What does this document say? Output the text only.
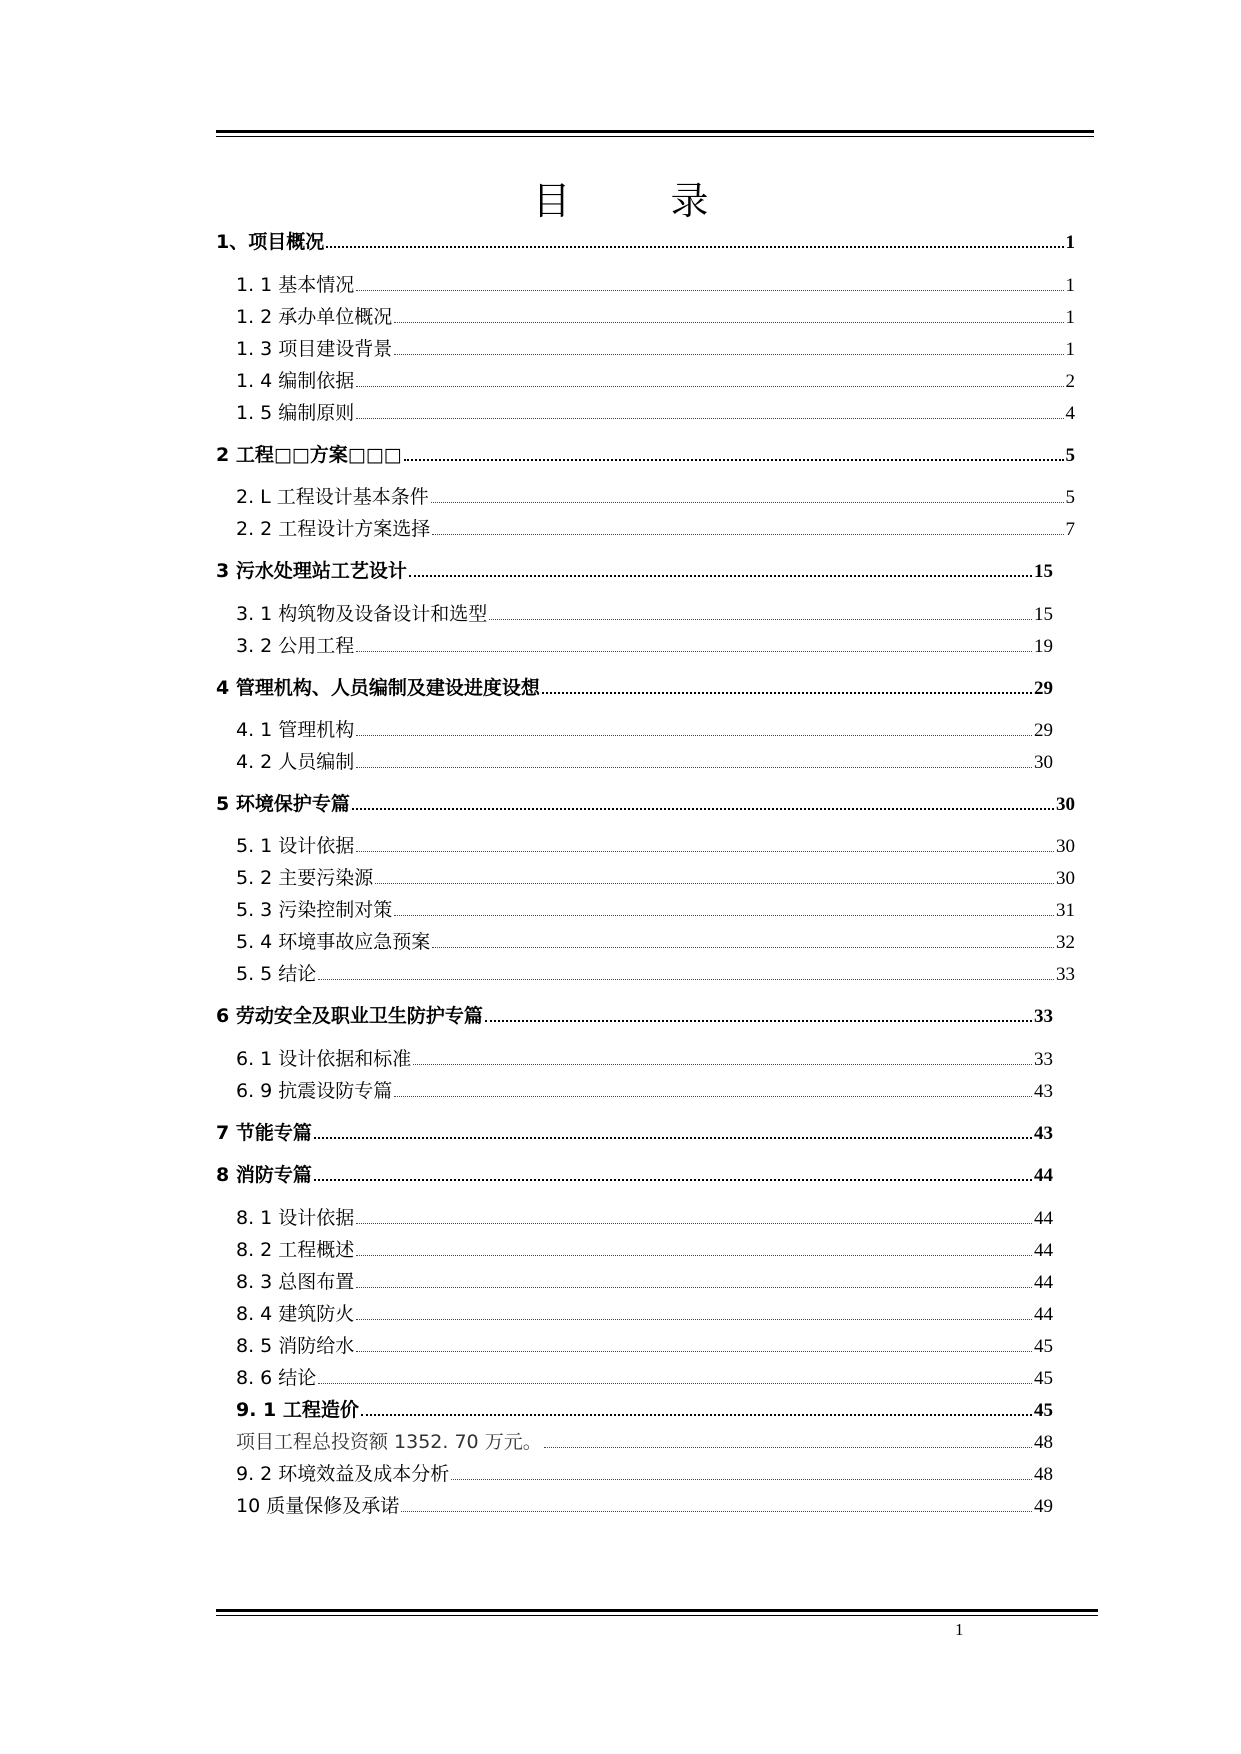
目 录
1、项目概况	1
1. 1 基本情况	1
1. 2 承办单位概况	1
1. 3 项目建设背景	1
1. 4 编制依据	2
1. 5 编制原则	4
2 工程□□方案□□□	5
2. L 工程设计基本条件	5
2. 2 工程设计方案选择	7
3 污水处理站工艺设计	15
3. 1 构筑物及设备设计和选型	15
3. 2 公用工程	19
4 管理机构、人员编制及建设进度设想	29
4. 1 管理机构	29
4. 2 人员编制	30
5 环境保护专篇	30
5. 1 设计依据	30
5. 2 主要污染源	30
5. 3 污染控制对策	31
5. 4 环境事故应急预案	32
5. 5 结论	33
6 劳动安全及职业卫生防护专篇	33
6. 1 设计依据和标准	33
6. 9 抗震设防专篇	43
7 节能专篇	43
8 消防专篇	44
8. 1 设计依据	44
8. 2 工程概述	44
8. 3 总图布置	44
8. 4 建筑防火	44
8. 5 消防给水	45
8. 6 结论	45
9. 1 工程造价	45
项目工程总投资额 1352. 70 万元。	48
9. 2 环境效益及成本分析	48
10 质量保修及承诺	49
1
